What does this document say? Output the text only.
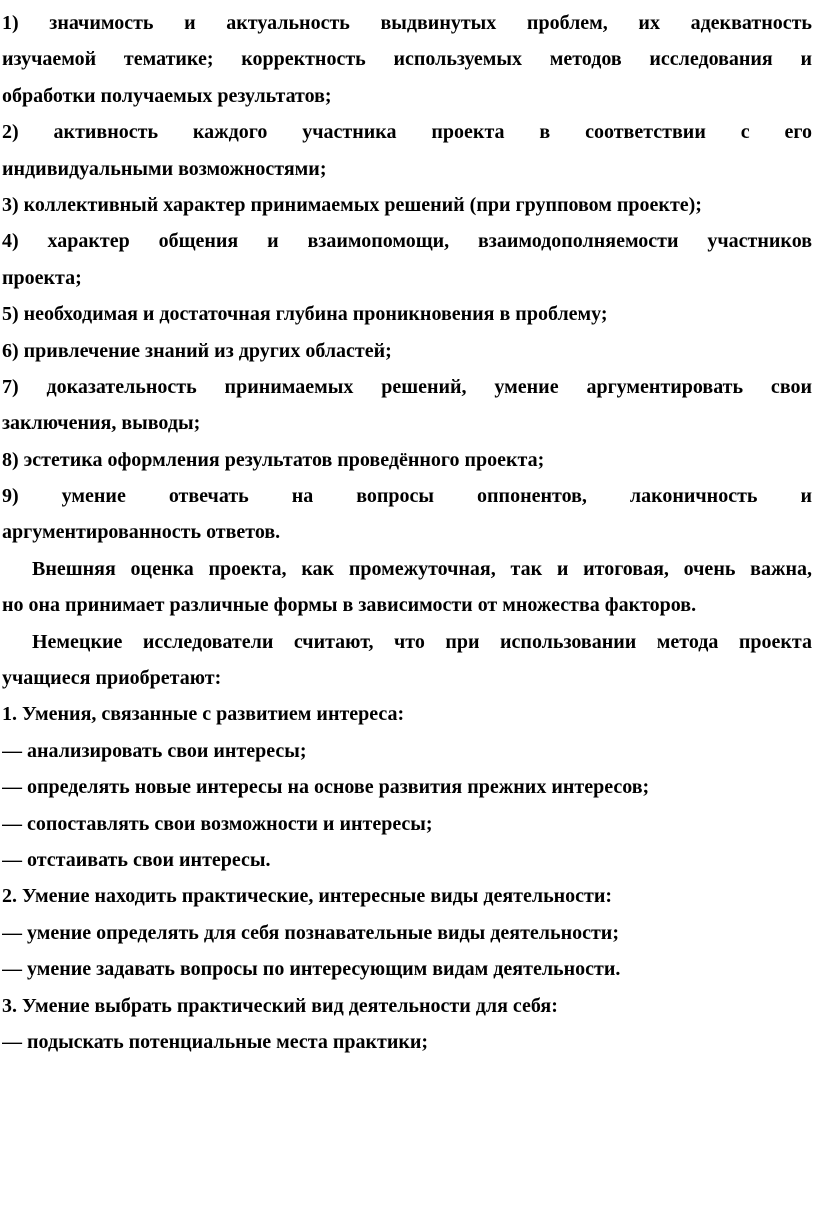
1) значимость и актуальность выдвинутых проблем, их адекватность
изучаемой тематике; корректность используемых методов исследования и
обработки получаемых результатов;
2) активность каждого участника проекта в соответствии с его
индивидуальными возможностями;
3) коллективный характер принимаемых решений (при групповом проекте);
4) характер общения и взаимопомощи, взаимодополняемости участников
проекта;
5) необходимая и достаточная глубина проникновения в проблему;
6) привлечение знаний из других областей;
7) доказательность принимаемых решений, умение аргументировать свои
заключения, выводы;
8) эстетика оформления результатов проведённого проекта;
9) умение отвечать на вопросы оппонентов, лаконичность и
аргументированность ответов.
Внешняя оценка проекта, как промежуточная, так и итоговая, очень важна,
но она принимает различные формы в зависимости от множества факторов.
Немецкие исследователи считают, что при использовании метода проекта
учащиеся приобретают:
1. Умения, связанные с развитием интереса:
— анализировать свои интересы;
— определять новые интересы на основе развития прежних интересов;
— сопоставлять свои возможности и интересы;
— отстаивать свои интересы.
2. Умение находить практические, интересные виды деятельности:
— умение определять для себя познавательные виды деятельности;
— умение задавать вопросы по интересующим видам деятельности.
3. Умение выбрать практический вид деятельности для себя:
— подыскать потенциальные места практики;
